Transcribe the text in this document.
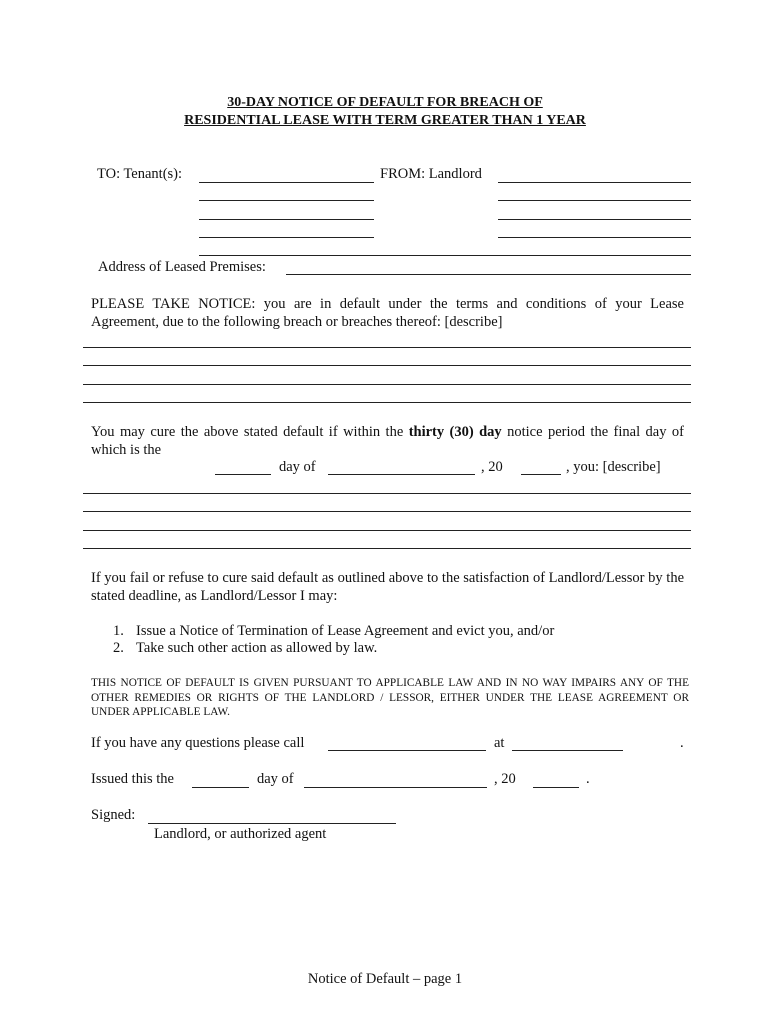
30-DAY NOTICE OF DEFAULT FOR BREACH OF
RESIDENTIAL LEASE WITH TERM GREATER THAN 1 YEAR
TO: Tenant(s):	FROM: Landlord
Address of Leased Premises:
PLEASE TAKE NOTICE: you are in default under the terms and conditions of your Lease Agreement, due to the following breach or breaches thereof: [describe]
You may cure the above stated default if within the thirty (30) day notice period the final day of which is the
day of	, 20	, you: [describe]
If you fail or refuse to cure said default as outlined above to the satisfaction of Landlord/Lessor by the stated deadline, as Landlord/Lessor I may:
1. Issue a Notice of Termination of Lease Agreement and evict you, and/or
2. Take such other action as allowed by law.
THIS NOTICE OF DEFAULT IS GIVEN PURSUANT TO APPLICABLE LAW AND IN NO WAY IMPAIRS ANY OF THE OTHER REMEDIES OR RIGHTS OF THE LANDLORD / LESSOR, EITHER UNDER THE LEASE AGREEMENT OR UNDER APPLICABLE LAW.
If you have any questions please call	at	.
Issued this the	day of	, 20	.
Signed:
Landlord, or authorized agent
Notice of Default – page 1
